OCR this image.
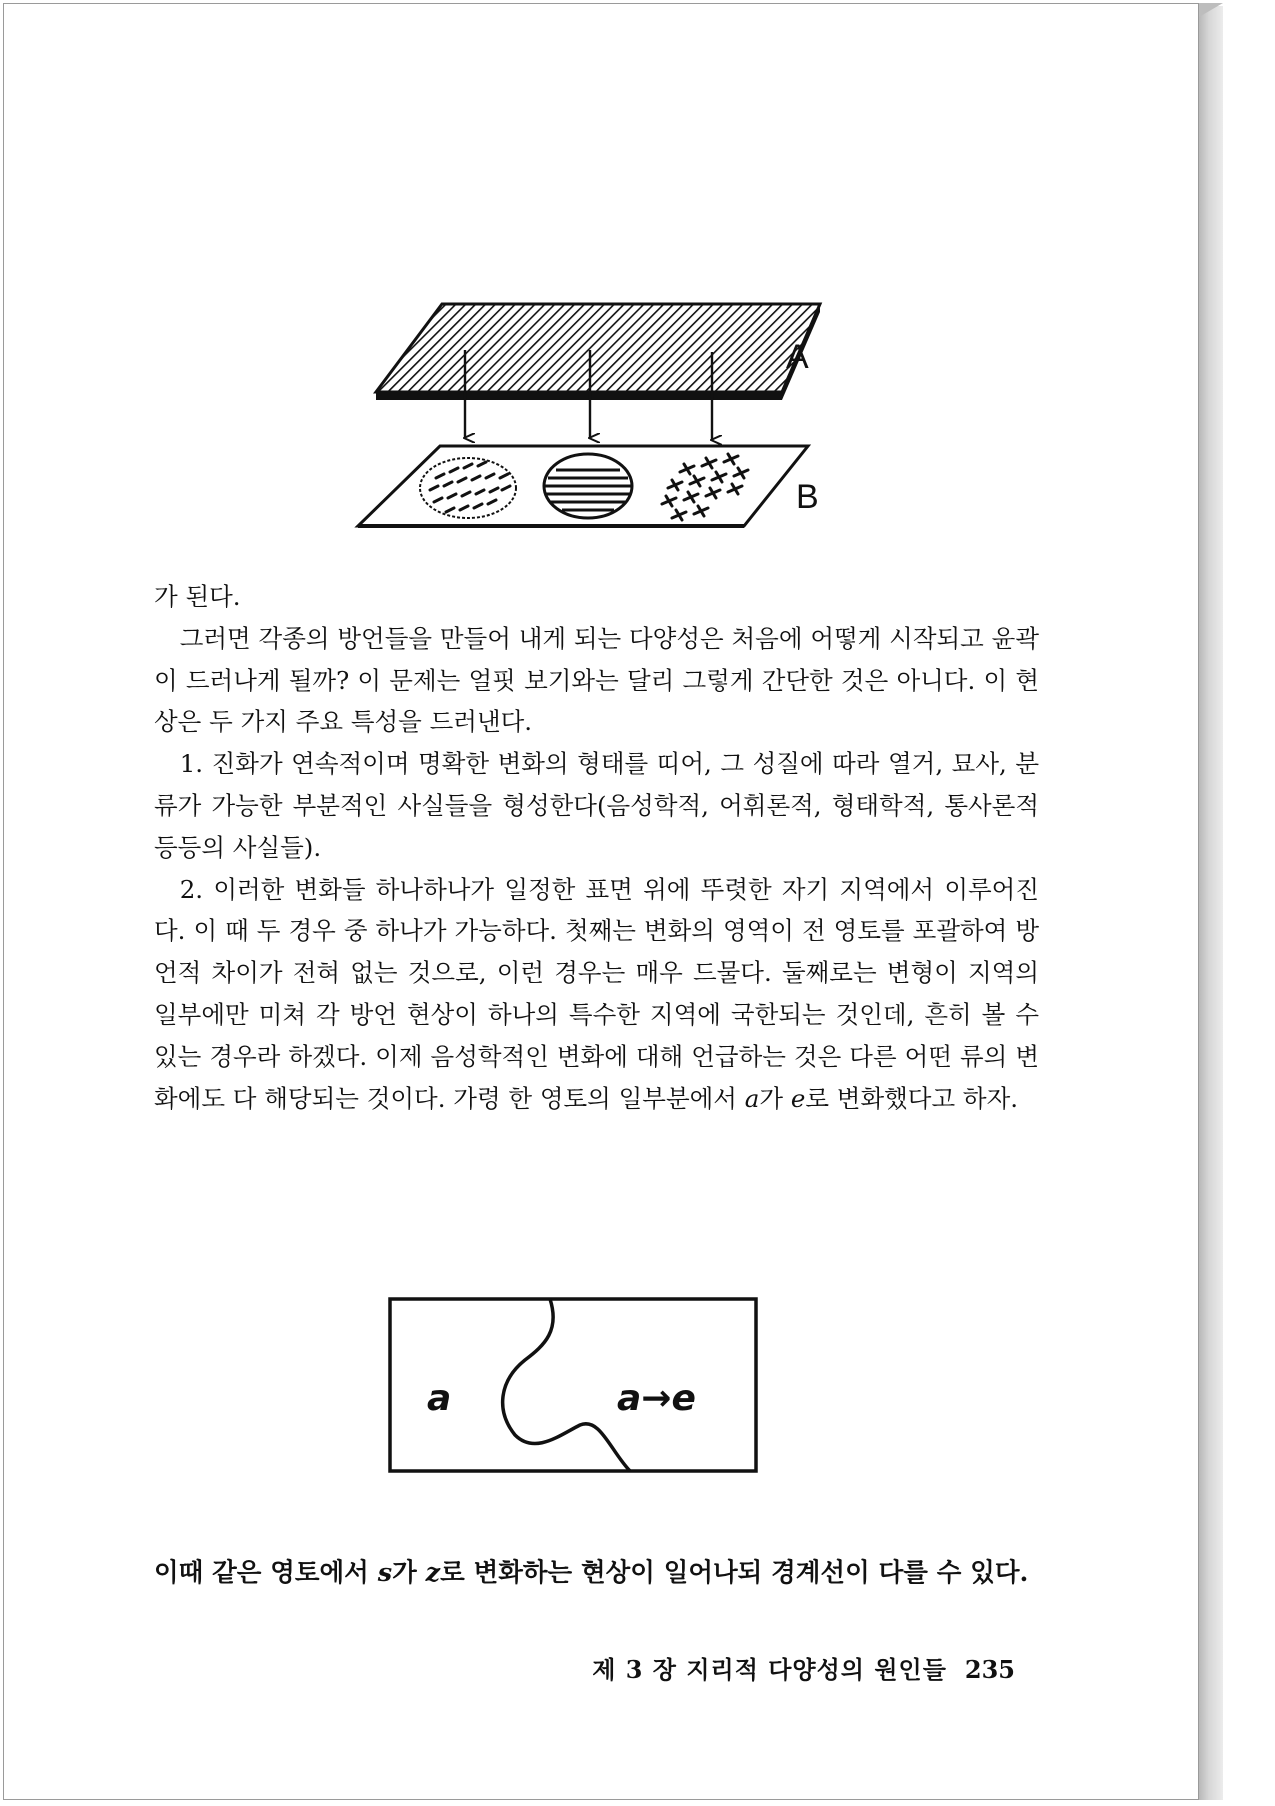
A
B

가 된다.

그러면 각종의 방언들을 만들어 내게 되는 다양성은 처음에 어떻게 시작되고 윤곽이 드러나게 될까? 이 문제는 얼핏 보기와는 달리 그렇게 간단한 것은 아니다. 이 현상은 두 가지 주요 특성을 드러낸다.

1. 진화가 연속적이며 명확한 변화의 형태를 띠어, 그 성질에 따라 열거, 묘사, 분류가 가능한 부분적인 사실들을 형성한다(음성학적, 어휘론적, 형태학적, 통사론적 등등의 사실들).

2. 이러한 변화들 하나하나가 일정한 표면 위에 뚜렷한 자기 지역에서 이루어진다. 이 때 두 경우 중 하나가 가능하다. 첫째는 변화의 영역이 전 영토를 포괄하여 방언적 차이가 전혀 없는 것으로, 이런 경우는 매우 드물다. 둘째로는 변형이 지역의 일부에만 미쳐 각 방언 현상이 하나의 특수한 지역에 국한되는 것인데, 흔히 볼 수 있는 경우라 하겠다. 이제 음성학적인 변화에 대해 언급하는 것은 다른 어떤 류의 변화에도 다 해당되는 것이다. 가령 한 영토의 일부분에서 a가 e로 변화했다고 하자.

a	a→e

이때 같은 영토에서 s가 z로 변화하는 현상이 일어나되 경계선이 다를 수 있다.

제 3 장 지리적 다양성의 원인들 235
